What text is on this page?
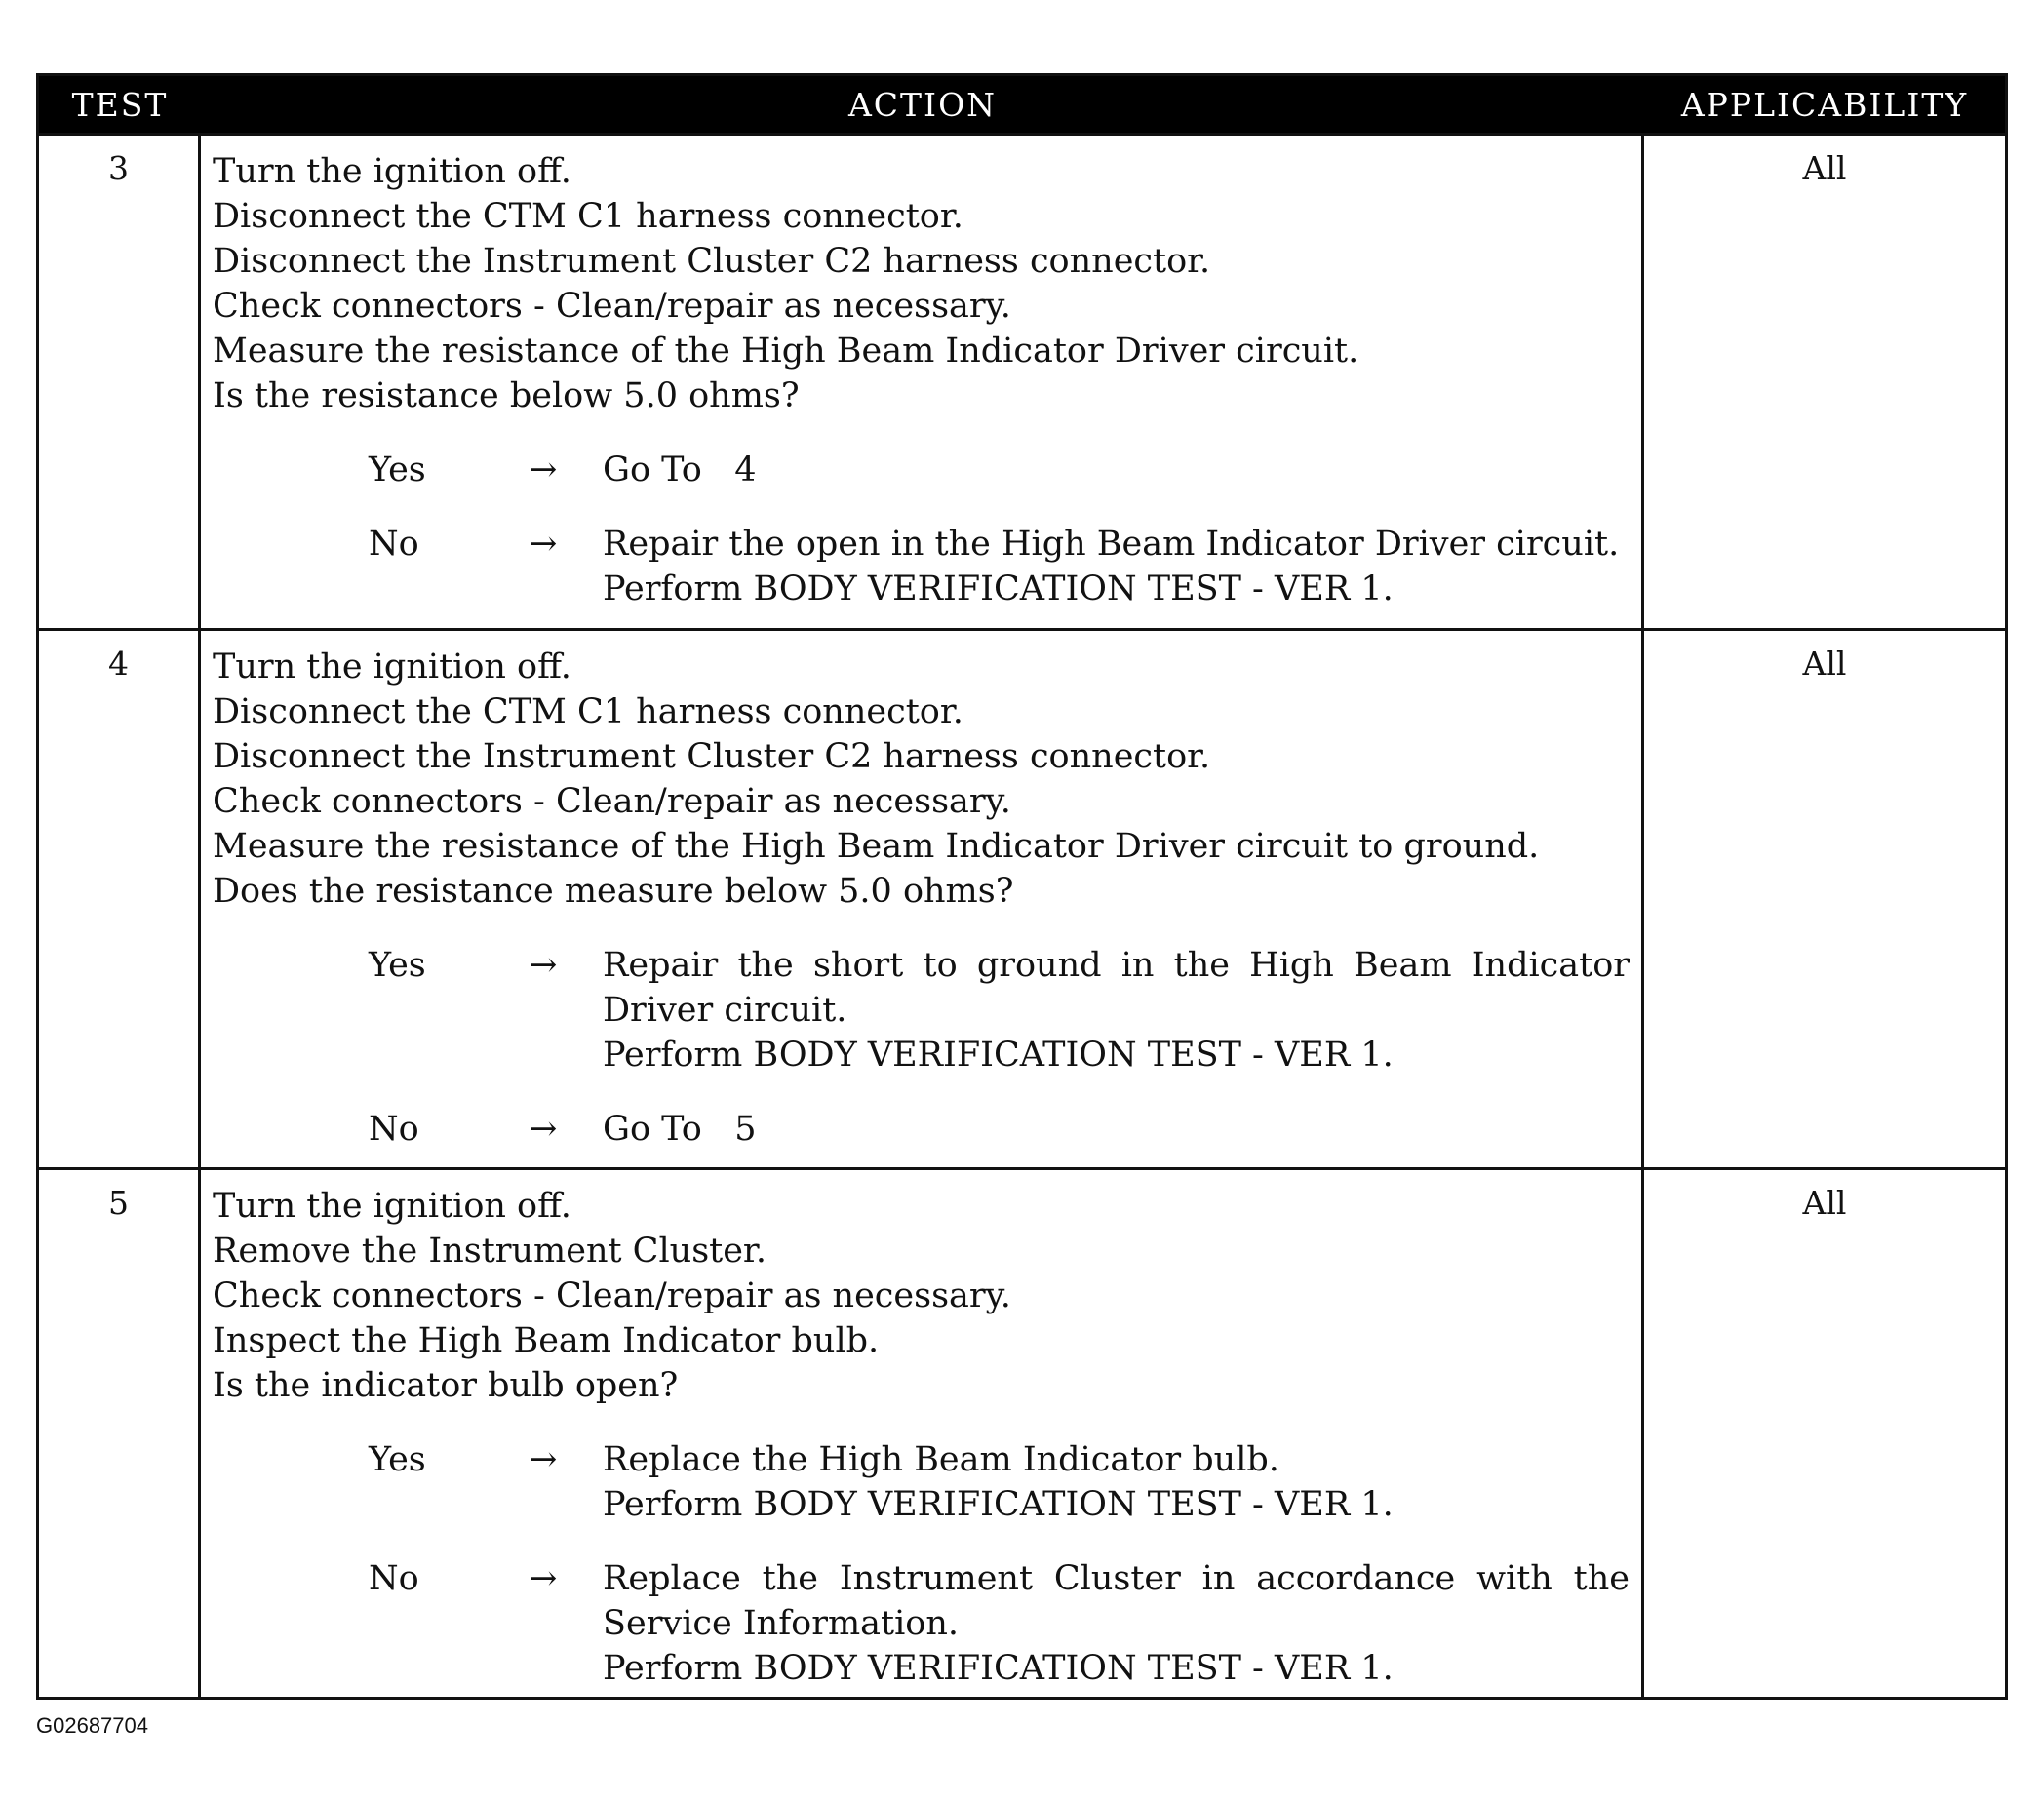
TEST	ACTION	APPLICABILITY
3	Turn the ignition off.
Disconnect the CTM C1 harness connector.
Disconnect the Instrument Cluster C2 harness connector.
Check connectors - Clean/repair as necessary.
Measure the resistance of the High Beam Indicator Driver circuit.
Is the resistance below 5.0 ohms?
Yes	→	Go To   4
No	→	Repair the open in the High Beam Indicator Driver circuit.
Perform BODY VERIFICATION TEST - VER 1.
All
4	Turn the ignition off.
Disconnect the CTM C1 harness connector.
Disconnect the Instrument Cluster C2 harness connector.
Check connectors - Clean/repair as necessary.
Measure the resistance of the High Beam Indicator Driver circuit to ground.
Does the resistance measure below 5.0 ohms?
Yes	→	Repair the short to ground in the High Beam Indicator Driver circuit.
Perform BODY VERIFICATION TEST - VER 1.
No	→	Go To   5
All
5	Turn the ignition off.
Remove the Instrument Cluster.
Check connectors - Clean/repair as necessary.
Inspect the High Beam Indicator bulb.
Is the indicator bulb open?
Yes	→	Replace the High Beam Indicator bulb.
Perform BODY VERIFICATION TEST - VER 1.
No	→	Replace the Instrument Cluster in accordance with the Service Information.
Perform BODY VERIFICATION TEST - VER 1.
All
G02687704
